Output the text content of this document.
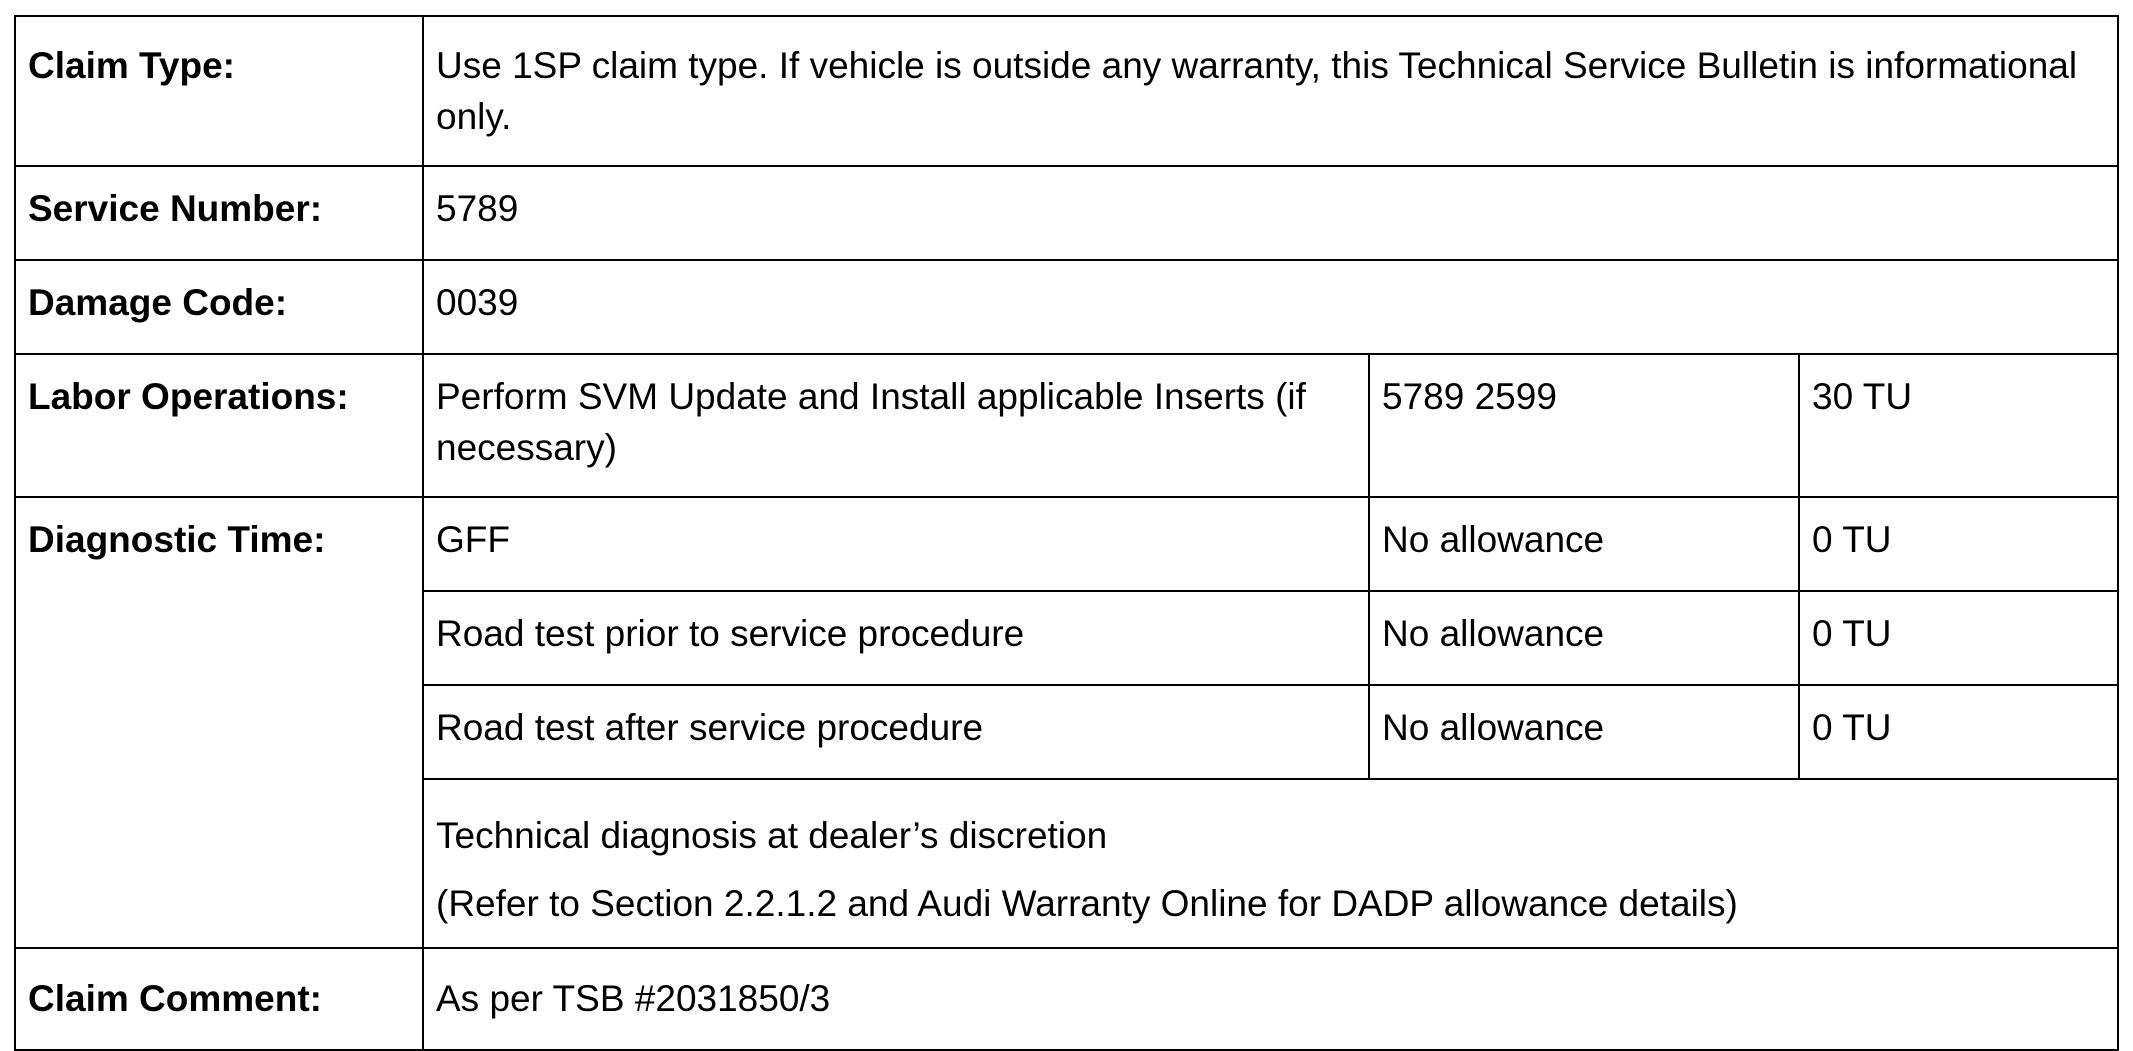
Claim Type:	Use 1SP claim type. If vehicle is outside any warranty, this Technical Service Bulletin is informational only.		
Service Number:	5789		
Damage Code:	0039		
Labor Operations:	Perform SVM Update and Install applicable Inserts (if necessary)	5789 2599	30 TU
Diagnostic Time:	GFF	No allowance	0 TU
	Road test prior to service procedure	No allowance	0 TU
	Road test after service procedure	No allowance	0 TU

	Technical diagnosis at dealer’s discretion
(Refer to Section 2.2.1.2 and Audi Warranty Online for DADP allowance details)		

Claim Comment:	As per TSB #2031850/3		
